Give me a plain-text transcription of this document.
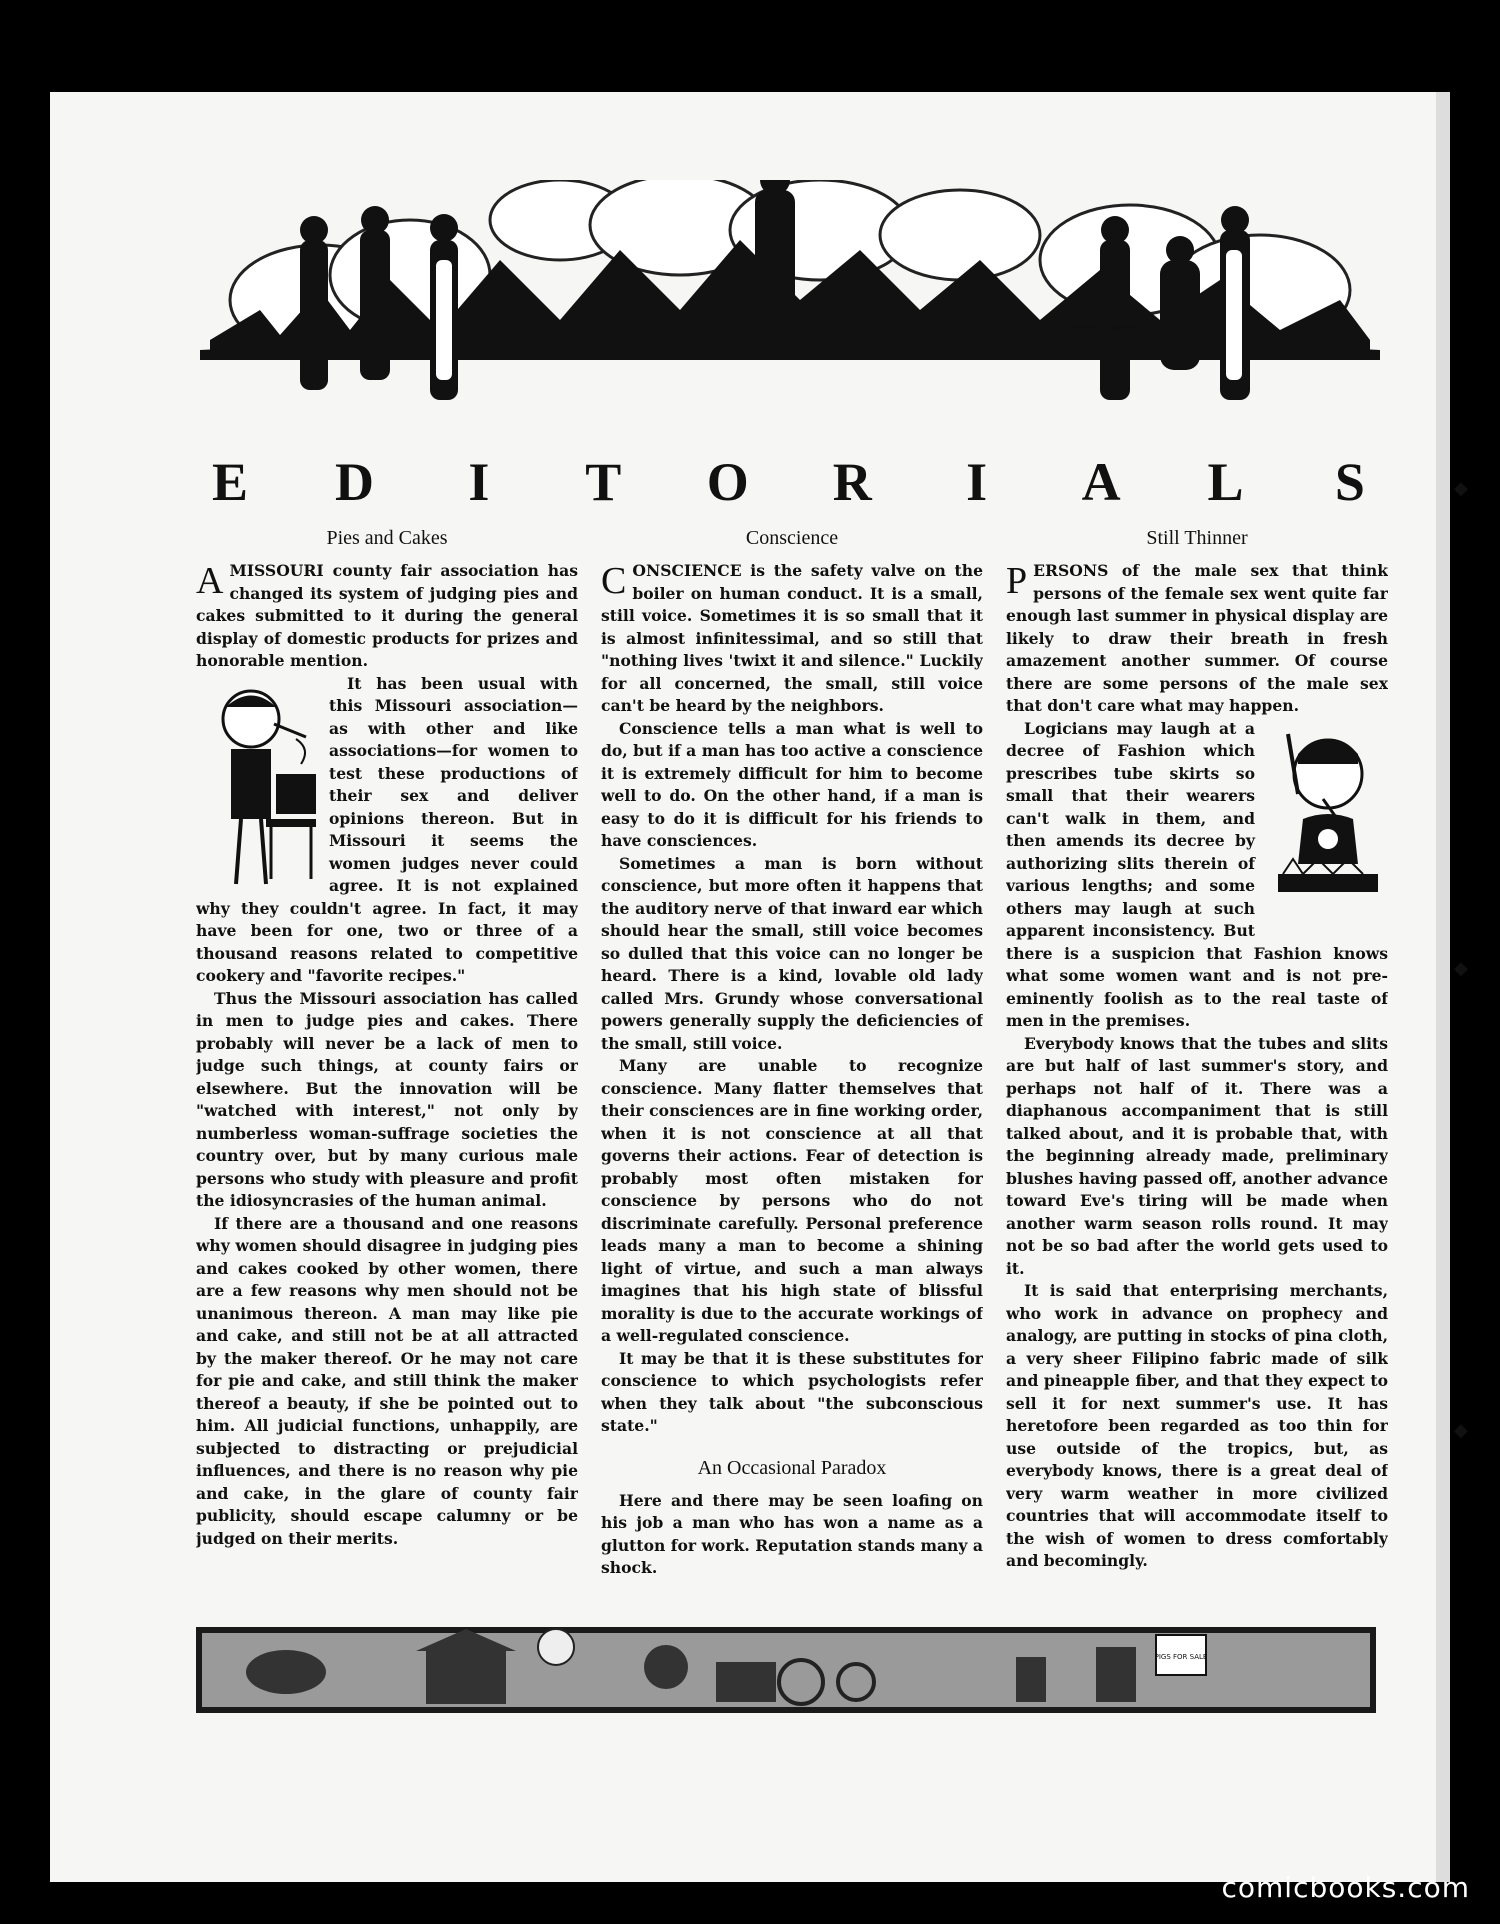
◆
◆
◆
G.SHEPHERD CHAMBERS
E D	I	T O R	I	A L S
Pies and Cakes

A MISSOURI county fair association has changed its system of judging pies and cakes submitted to it during the general display of domestic products for prizes and honorable mention.

It has been usual with this Missouri association—as with other and like associations—for women to test these productions of their sex and deliver opinions thereon. But in Missouri it seems the women judges never could agree. It is not explained why they couldn't agree. In fact, it may have been for one, two or three of a thousand reasons related to competitive cookery and "favorite recipes."

Thus the Missouri association has called in men to judge pies and cakes. There probably will never be a lack of men to judge such things, at county fairs or elsewhere. But the innovation will be "watched with interest," not only by numberless woman-suffrage societies the country over, but by many curious male persons who study with pleasure and profit the idiosyncrasies of the human animal.

If there are a thousand and one reasons why women should disagree in judging pies and cakes cooked by other women, there are a few reasons why men should not be unanimous thereon. A man may like pie and cake, and still not be at all attracted by the maker thereof. Or he may not care for pie and cake, and still think the maker thereof a beauty, if she be pointed out to him. All judicial functions, unhappily, are subjected to distracting or prejudicial influences, and there is no reason why pie and cake, in the glare of county fair publicity, should escape calumny or be judged on their merits.

Conscience

CONSCIENCE is the safety valve on the boiler on human conduct. It is a small, still voice. Sometimes it is so small that it is almost infinitessimal, and so still that "nothing lives 'twixt it and silence." Luckily for all concerned, the small, still voice can't be heard by the neighbors.

Conscience tells a man what is well to do, but if a man has too active a conscience it is extremely difficult for him to become well to do. On the other hand, if a man is easy to do it is difficult for his friends to have consciences.

Sometimes a man is born without conscience, but more often it happens that the auditory nerve of that inward ear which should hear the small, still voice becomes so dulled that this voice can no longer be heard. There is a kind, lovable old lady called Mrs. Grundy whose conversational powers generally supply the deficiencies of the small, still voice.

Many are unable to recognize conscience. Many flatter themselves that their consciences are in fine working order, when it is not conscience at all that governs their actions. Fear of detection is probably most often mistaken for conscience by persons who do not discriminate carefully. Personal preference leads many a man to become a shining light of virtue, and such a man always imagines that his high state of blissful morality is due to the accurate workings of a well-regulated conscience.

It may be that it is these substitutes for conscience to which psychologists refer when they talk about "the subconscious state."

An Occasional Paradox

Here and there may be seen loafing on his job a man who has won a name as a glutton for work. Reputation stands many a shock.

Still Thinner

PERSONS of the male sex that think persons of the female sex went quite far enough last summer in physical display are likely to draw their breath in fresh amazement another summer. Of course there are some persons of the male sex that don't care what may happen.

Logicians may laugh at a decree of Fashion which prescribes tube skirts so small that their wearers can't walk in them, and then amends its decree by authorizing slits therein of various lengths; and some others may laugh at such apparent inconsistency. But there is a suspicion that Fashion knows what some women want and is not pre-eminently foolish as to the real taste of men in the premises.

Everybody knows that the tubes and slits are but half of last summer's story, and perhaps not half of it. There was a diaphanous accompaniment that is still talked about, and it is probable that, with the beginning already made, preliminary blushes having passed off, another advance toward Eve's tiring will be made when another warm season rolls round. It may not be so bad after the world gets used to it.

It is said that enterprising merchants, who work in advance on prophecy and analogy, are putting in stocks of pina cloth, a very sheer Filipino fabric made of silk and pineapple fiber, and that they expect to sell it for next summer's use. It has heretofore been regarded as too thin for use outside of the tropics, but, as everybody knows, there is a great deal of very warm weather in more civilized countries that will accommodate itself to the wish of women to dress comfortably and becomingly.

PIGS FOR SALE
comicbooks.com
